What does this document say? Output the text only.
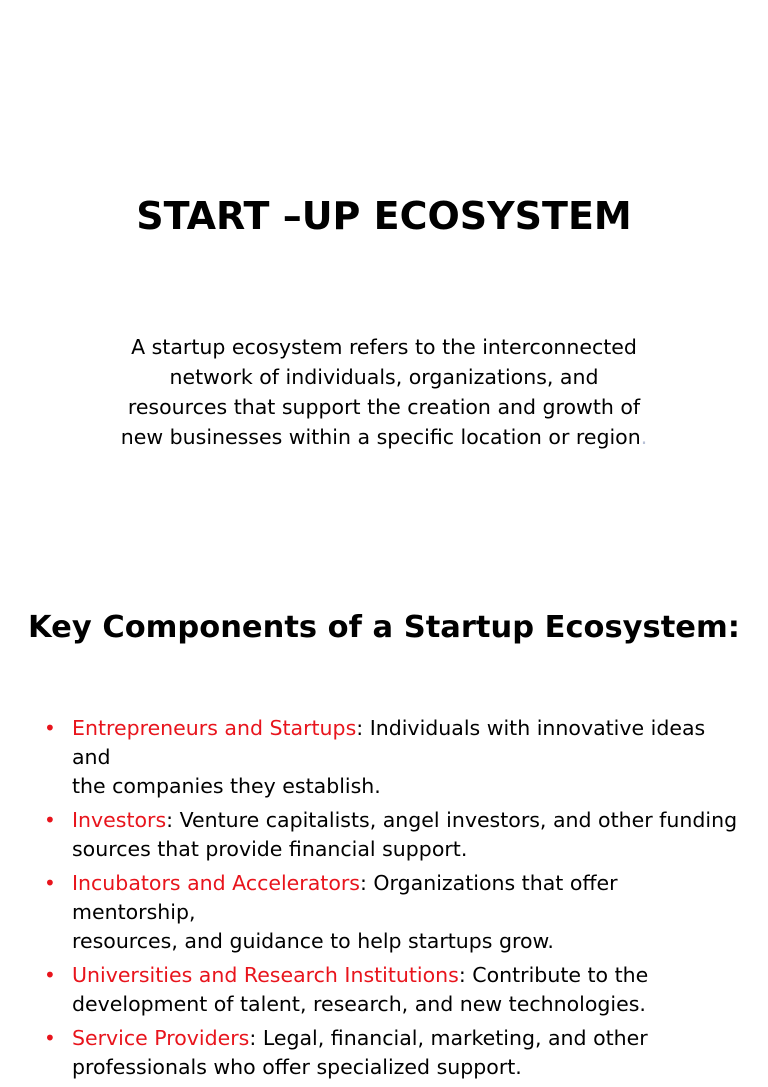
START –UP ECOSYSTEM

A startup ecosystem refers to the interconnected
network of individuals, organizations, and
resources that support the creation and growth of
new businesses within a specific location or region.

Key Components of a Startup Ecosystem:
• Entrepreneurs and Startups: Individuals with innovative ideas and
the companies they establish.
• Investors: Venture capitalists, angel investors, and other funding
sources that provide financial support.
• Incubators and Accelerators: Organizations that offer mentorship,
resources, and guidance to help startups grow.
• Universities and Research Institutions: Contribute to the
development of talent, research, and new technologies.
• Service Providers: Legal, financial, marketing, and other
professionals who offer specialized support.
